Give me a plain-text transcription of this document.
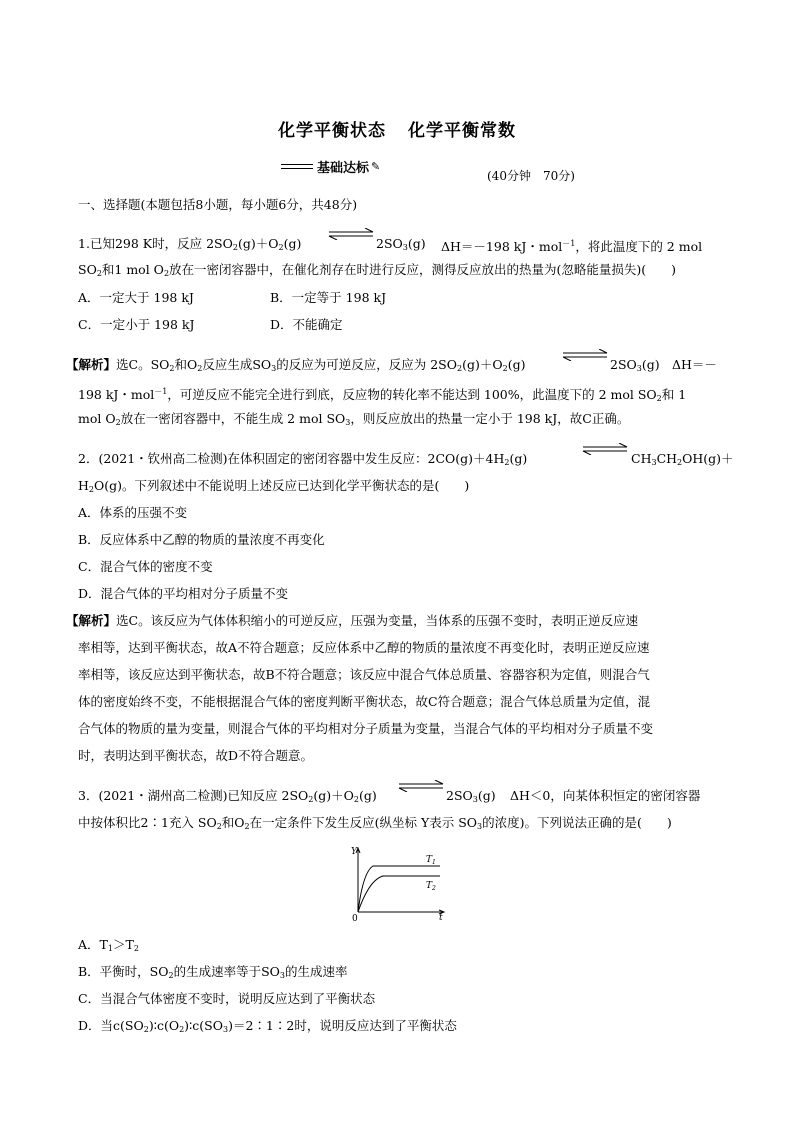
化学平衡状态 化学平衡常数
基础达标 ✎
(40分钟　70分)
一、选择题(本题包括8小题，每小题6分，共48分)
1.已知298 K时，反应 $2SO_2(g)+O_2(g)$	$2SO_3(g)$ ΔH＝－198 kJ・mol$^{-1}$，将此温度下的 2 mol
$SO_2$和1 mol $O_2$放在一密闭容器中，在催化剂存在时进行反应，测得反应放出的热量为(忽略能量损失)(　　)
A．一定大于 198 kJ	B．一定等于 198 kJ
C．一定小于 198 kJ	D．不能确定
【解析】选C。$SO_2$和$O_2$反应生成$SO_3$的反应为可逆反应，反应为 $2SO_2(g)+O_2(g)$	$2SO_3(g)$ ΔH＝－
198 kJ・mol$^{-1}$，可逆反应不能完全进行到底，反应物的转化率不能达到 100%，此温度下的 2 mol $SO_2$和 1
mol $O_2$放在一密闭容器中，不能生成 2 mol $SO_3$，则反应放出的热量一定小于 198 kJ，故C正确。
2．(2021・钦州高二检测)在体积固定的密闭容器中发生反应：$2CO(g)+4H_2(g)$	$CH_3CH_2OH(g)+$
$H_2O(g)$。下列叙述中不能说明上述反应已达到化学平衡状态的是(　　)
A．体系的压强不变
B．反应体系中乙醇的物质的量浓度不再变化
C．混合气体的密度不变
D．混合气体的平均相对分子质量不变
【解析】选C。该反应为气体体积缩小的可逆反应，压强为变量，当体系的压强不变时，表明正逆反应速
率相等，达到平衡状态，故A不符合题意；反应体系中乙醇的物质的量浓度不再变化时，表明正逆反应速
率相等，该反应达到平衡状态，故B不符合题意；该反应中混合气体总质量、容器容积为定值，则混合气
体的密度始终不变，不能根据混合气体的密度判断平衡状态，故C符合题意；混合气体总质量为定值，混
合气体的物质的量为变量，则混合气体的平均相对分子质量为变量，当混合气体的平均相对分子质量不变
时，表明达到平衡状态，故D不符合题意。
3．(2021・湖州高二检测)已知反应 $2SO_2(g)+O_2(g)$	$2SO_3(g)$ ΔH＜0，向某体积恒定的密闭容器
中按体积比2∶1充入 $SO_2$和$O_2$在一定条件下发生反应(纵坐标 Y表示 $SO_3$的浓度)。下列说法正确的是(　　)
Y
t
0
$T_1$
$T_2$
A．$T_1>T_2$
B．平衡时，$SO_2$的生成速率等于$SO_3$的生成速率
C．当混合气体密度不变时，说明反应达到了平衡状态
D．当$c(SO_2)∶c(O_2)∶c(SO_3)=2∶1∶2$时，说明反应达到了平衡状态
